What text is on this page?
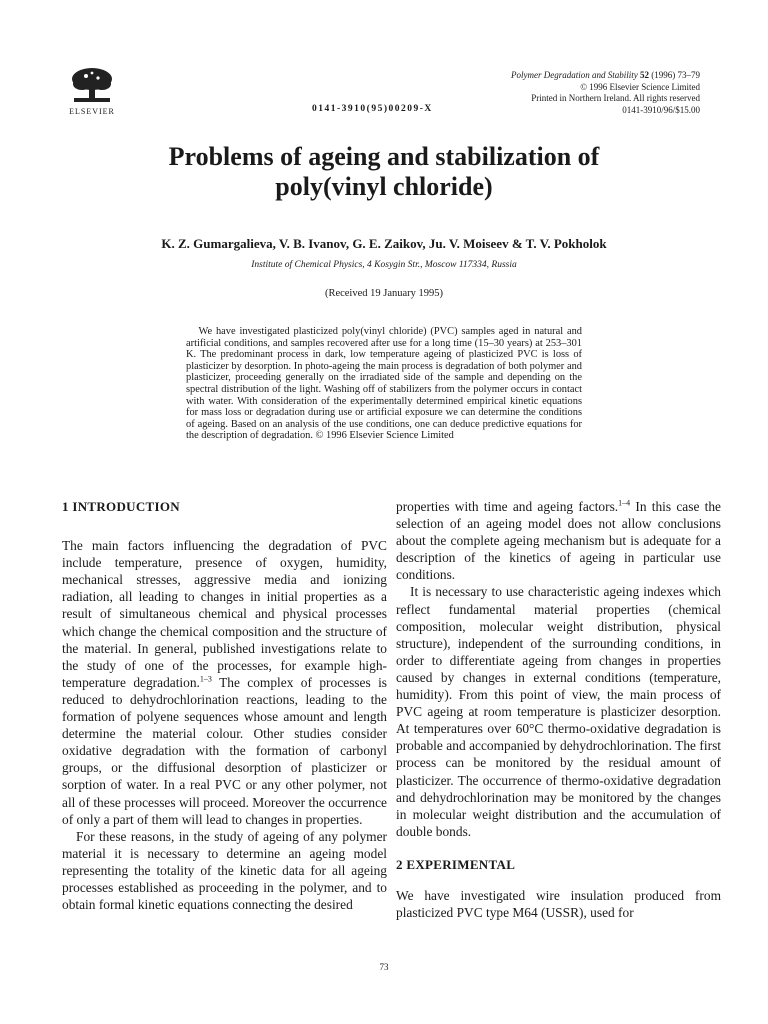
ELSEVIER	0141-3910(95)00209-X
Polymer Degradation and Stability 52 (1996) 73–79
© 1996 Elsevier Science Limited
Printed in Northern Ireland. All rights reserved
0141-3910/96/$15.00
Problems of ageing and stabilization of
poly(vinyl chloride)
K. Z. Gumargalieva, V. B. Ivanov, G. E. Zaikov, Ju. V. Moiseev & T. V. Pokholok
Institute of Chemical Physics, 4 Kosygin Str., Moscow 117334, Russia
(Received 19 January 1995)

We have investigated plasticized poly(vinyl chloride) (PVC) samples aged in natural and artificial conditions, and samples recovered after use for a long time (15–30 years) at 253–301 K. The predominant process in dark, low temperature ageing of plasticized PVC is loss of plasticizer by desorption. In photo-ageing the main process is degradation of both polymer and plasticizer, proceeding generally on the irradiated side of the sample and depending on the spectral distribution of the light. Washing off of stabilizers from the polymer occurs in contact with water. With consideration of the experimentally determined empirical kinetic equations for mass loss or degradation during use or artificial exposure we can determine the conditions of ageing. Based on an analysis of the use conditions, one can deduce predictive equations for the description of degradation. © 1996 Elsevier Science Limited

1 INTRODUCTION

The main factors influencing the degradation of PVC include temperature, presence of oxygen, humidity, mechanical stresses, aggressive media and ionizing radiation, all leading to changes in initial properties as a result of simultaneous chemical and physical processes which change the chemical composition and the structure of the material. In general, published investigations relate to the study of one of the processes, for example high-temperature degradation.$^{1-3}$ The complex of processes is reduced to dehydrochlorination reactions, leading to the formation of polyene sequences whose amount and length determine the material colour. Other studies consider oxidative degradation with the formation of carbonyl groups, or the diffusional desorption of plasticizer or sorption of water. In a real PVC or any other polymer, not all of these processes will proceed. Moreover the occurrence of only a part of them will lead to changes in properties.

For these reasons, in the study of ageing of any polymer material it is necessary to determine an ageing model representing the totality of the kinetic data for all ageing processes established as proceeding in the polymer, and to obtain formal kinetic equations connecting the desired

properties with time and ageing factors.$^{1-4}$ In this case the selection of an ageing model does not allow conclusions about the complete ageing mechanism but is adequate for a description of the kinetics of ageing in particular use conditions.

It is necessary to use characteristic ageing indexes which reflect fundamental material properties (chemical composition, molecular weight distribution, physical structure), independent of the surrounding conditions, in order to differentiate ageing from changes in properties caused by changes in external conditions (temperature, humidity). From this point of view, the main process of PVC ageing at room temperature is plasticizer desorption. At temperatures over 60°C thermo-oxidative degradation is probable and accompanied by dehydrochlorination. The first process can be monitored by the residual amount of plasticizer. The occurrence of thermo-oxidative degradation and dehydrochlorination may be monitored by the changes in molecular weight distribution and the accumulation of double bonds.

2 EXPERIMENTAL

We have investigated wire insulation produced from plasticized PVC type M64 (USSR), used for

73
